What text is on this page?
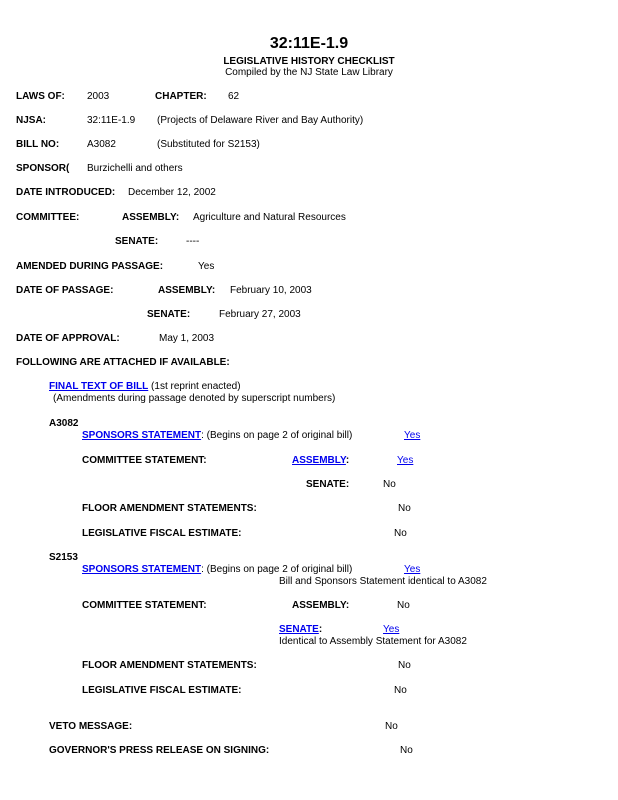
32:11E-1.9
LEGISLATIVE HISTORY CHECKLIST
Compiled by the NJ State Law Library
LAWS OF: 2003	CHAPTER: 62
NJSA:	32:11E-1.9 (Projects of Delaware River and Bay Authority)
BILL NO:	A3082	(Substituted for S2153)
SPONSOR( Burzichelli and others
DATE INTRODUCED: December 12, 2002
COMMITTEE:	ASSEMBLY: Agriculture and Natural Resources
SENATE:	----
AMENDED DURING PASSAGE:	Yes
DATE OF PASSAGE:	ASSEMBLY: February 10, 2003
SENATE:	February 27, 2003
DATE OF APPROVAL:	May 1, 2003
FOLLOWING ARE ATTACHED IF AVAILABLE:
FINAL TEXT OF BILL (1st reprint enacted)
(Amendments during passage denoted by superscript numbers)
A3082
SPONSORS STATEMENT: (Begins on page 2 of original bill)	Yes
COMMITTEE STATEMENT:	ASSEMBLY:	Yes
SENATE:	No
FLOOR AMENDMENT STATEMENTS:	No
LEGISLATIVE FISCAL ESTIMATE:	No
S2153
SPONSORS STATEMENT: (Begins on page 2 of original bill)	Yes
Bill and Sponsors Statement identical to A3082
COMMITTEE STATEMENT:	ASSEMBLY:	No
SENATE:	Yes
Identical to Assembly Statement for A3082
FLOOR AMENDMENT STATEMENTS:	No
LEGISLATIVE FISCAL ESTIMATE:	No
VETO MESSAGE:	No
GOVERNOR'S PRESS RELEASE ON SIGNING:	No
